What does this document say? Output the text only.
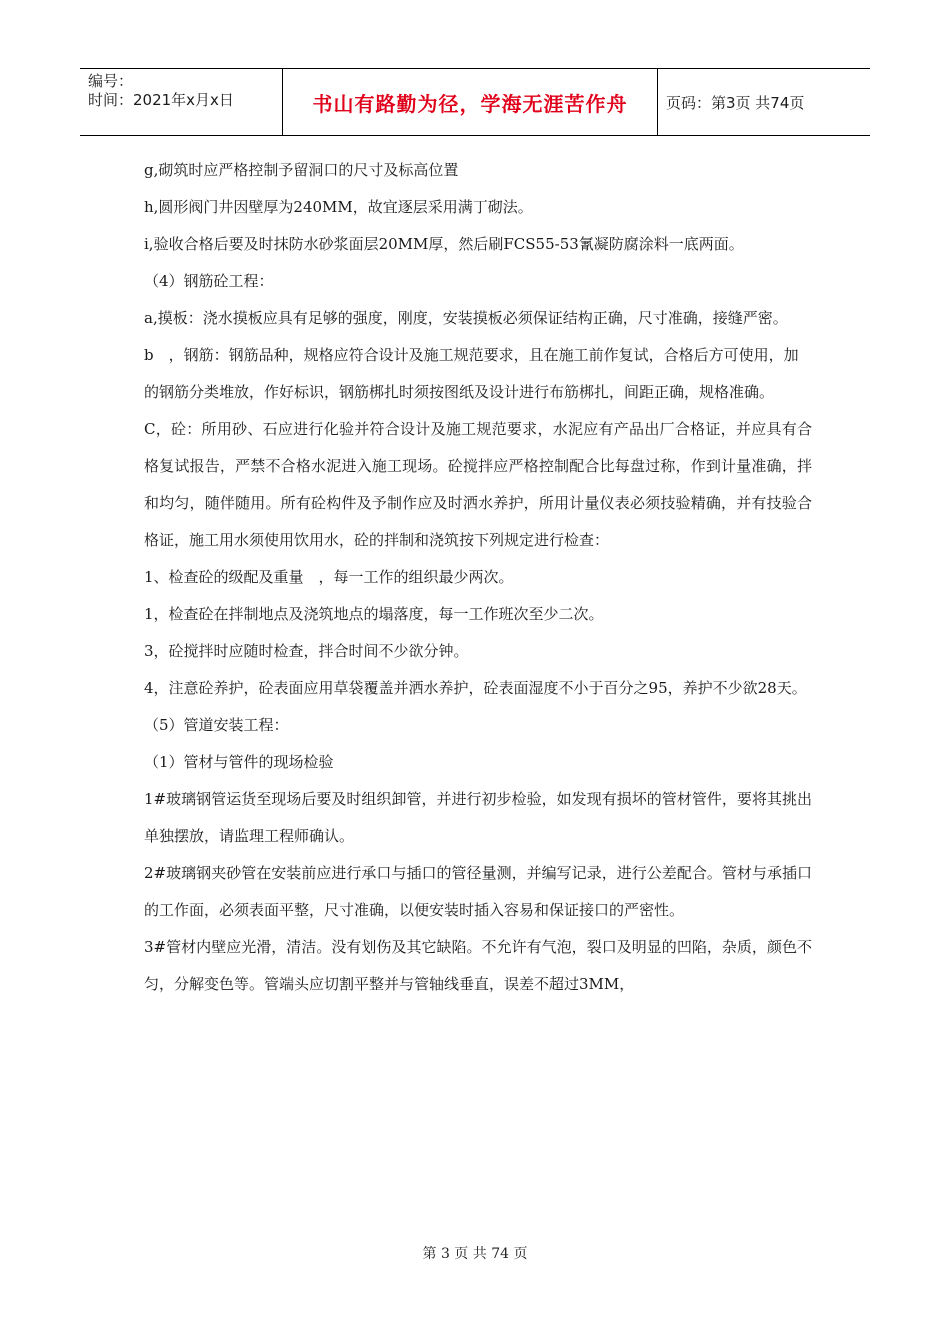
编号：
时间：2021年x月x日	书山有路勤为径，学海无涯苦作舟	页码：第3页 共74页

g,砌筑时应严格控制予留洞口的尺寸及标高位置

h,圆形阀门井因壁厚为240MM，故宜逐层采用满丁砌法。

i,验收合格后要及时抹防水砂浆面层20MM厚，然后刷FCS55-53氰凝防腐涂料一底两面。

（4）钢筋砼工程：

a,摸板：浇水摸板应具有足够的强度，刚度，安装摸板必须保证结构正确，尺寸准确，接缝严密。

b　，钢筋：钢筋品种，规格应符合设计及施工规范要求，且在施工前作复试，合格后方可使用，加

的钢筋分类堆放，作好标识，钢筋梆扎时须按图纸及设计进行布筋梆扎，间距正确，规格准确。

C，砼：所用砂、石应进行化验并符合设计及施工规范要求，水泥应有产品出厂合格证，并应具有合格复试报告，严禁不合格水泥进入施工现场。砼搅拌应严格控制配合比每盘过称，作到计量准确，拌和均匀，随伴随用。所有砼构件及予制作应及时洒水养护，所用计量仪表必须技验精确，并有技验合格证，施工用水须使用饮用水，砼的拌制和浇筑按下列规定进行检查：

1、检查砼的级配及重量　，每一工作的组织最少两次。

1，检查砼在拌制地点及浇筑地点的塌落度，每一工作班次至少二次。

3，砼搅拌时应随时检查，拌合时间不少欲分钟。

4，注意砼养护，砼表面应用草袋覆盖并洒水养护，砼表面湿度不小于百分之95，养护不少欲28天。

（5）管道安装工程：

（1）管材与管件的现场检验

1#玻璃钢管运货至现场后要及时组织卸管，并进行初步检验，如发现有损坏的管材管件，要将其挑出单独摆放，请监理工程师确认。

2#玻璃钢夹砂管在安装前应进行承口与插口的管径量测，并编写记录，进行公差配合。管材与承插口的工作面，必须表面平整，尺寸准确，以便安装时插入容易和保证接口的严密性。

3#管材内壁应光滑，清洁。没有划伤及其它缺陷。不允许有气泡，裂口及明显的凹陷，杂质，颜色不匀，分解变色等。管端头应切割平整并与管轴线垂直，误差不超过3MM，

第 3 页 共 74 页
